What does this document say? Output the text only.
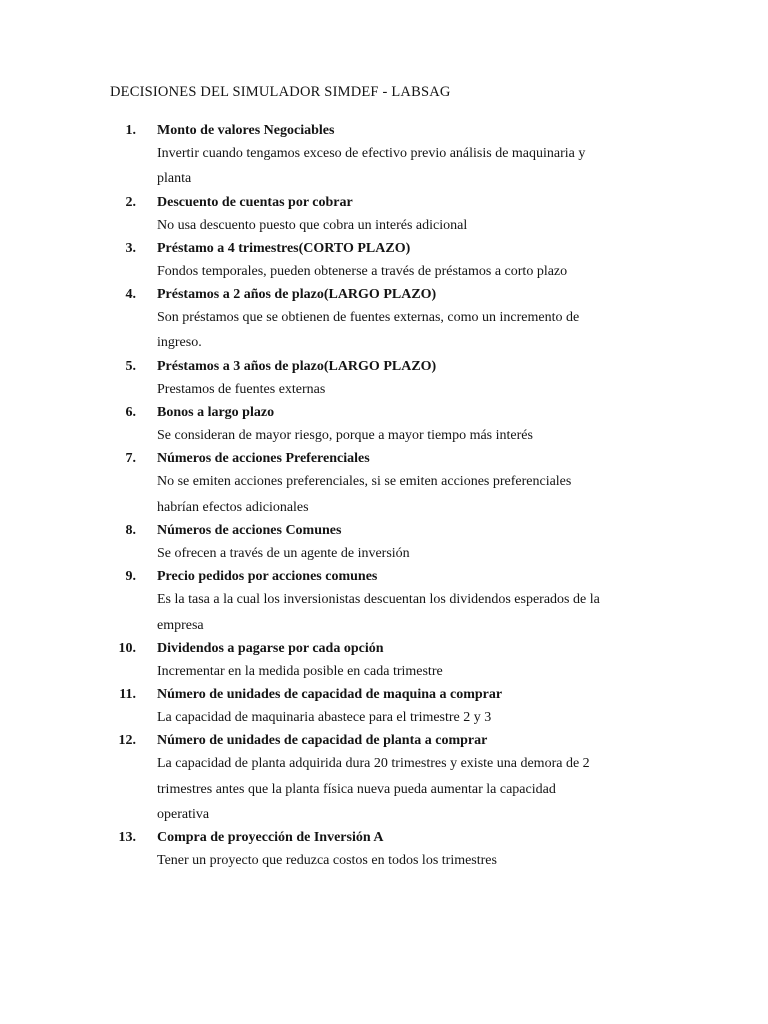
DECISIONES DEL SIMULADOR SIMDEF - LABSAG
1. Monto de valores Negociables
Invertir cuando tengamos exceso de efectivo previo análisis de maquinaria y
planta
2. Descuento de cuentas por cobrar
No usa descuento puesto que cobra un interés adicional
3. Préstamo a 4 trimestres(CORTO PLAZO)
Fondos temporales, pueden obtenerse a través de préstamos a corto plazo
4. Préstamos a 2 años de plazo(LARGO PLAZO)
Son préstamos que se obtienen de fuentes externas, como un incremento de
ingreso.
5. Préstamos a 3 años de plazo(LARGO PLAZO)
Prestamos de fuentes externas
6. Bonos a largo plazo
Se consideran de mayor riesgo, porque a mayor tiempo más interés
7. Números de acciones Preferenciales
No se emiten acciones preferenciales, si se emiten acciones preferenciales
habrían efectos adicionales
8. Números de acciones Comunes
Se ofrecen a través de un agente de inversión
9. Precio pedidos por acciones comunes
Es la tasa a la cual los inversionistas descuentan los dividendos esperados de la
empresa
10. Dividendos a pagarse por cada opción
Incrementar en la medida posible en cada trimestre
11. Número de unidades de capacidad de maquina a comprar
La capacidad de maquinaria abastece para el trimestre 2 y 3
12. Número de unidades de capacidad de planta a comprar
La capacidad de planta adquirida dura 20 trimestres y existe una demora de 2
trimestres antes que la planta física nueva pueda aumentar la capacidad
operativa
13. Compra de proyección de Inversión A
Tener un proyecto que reduzca costos en todos los trimestres
